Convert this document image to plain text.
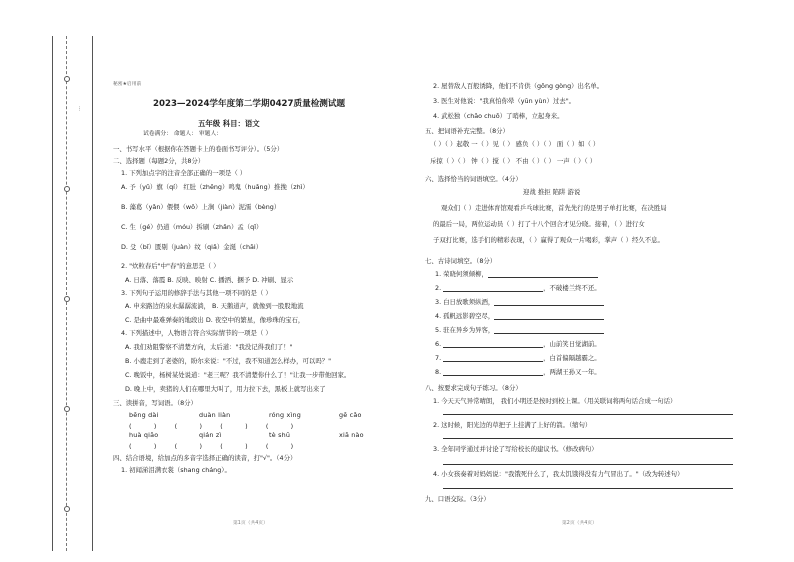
…
秘密★启用前
2023—2024学年度第二学期0427质量检测试题
五年级 科目：语文
试卷满分： 命题人： 审题人：
一、书写水平（根据你在答题卡上的卷面书写评分）。（5分）
二、选择题（每题2分，共8分）
1. 下列加点字的注音全部正确的一项是（ ）
A. 予（yǔ）旗（qí） 红肚（zhēng）鸣鬼（huǎng）推挽（zhì）
B. 藻葛（yǎn）偎偎（wǒ）上涧（jiàn）泥濡（bèng）
C. 生（gé）仍道（móu）拆刷（zhǎn）孟（qǐ）
D. 殳（bǐ）匮剔（juàn）纹（qiǎ）金涎（chāi）
2. "炊粒春后"中"春"的意思是（ ）
A. 日落、落霞 B. 反映、映射 C. 播洒、捆予 D. 冲刷、显示
3. 下列句子运用的修辞手法与其他一项不同的是（ ）
A. 申来路边的泉水潺潺流淌， B. 天鹅道声，就像到一股股地流
C. 是曲中最难弹奏的地段出 D. 夜空中的繁星，像珍珠的宝石，
4. 下列描述中，人物语言符合实际情节的一项是（ ）
A. 我们劝阻警察不清楚方向，太后道："我没记得我们了！"
B. 小鹿走到了老婆的，盼尔来说："不过，我不知道怎么样办，可以吗？"
C. 晚饭中，杨树某处说道："老三呢？我不清楚你什么了！"让我一步带他回家。
D. 晚上中，卖猪的人们在哪里大叫了，用力拉下去，黑板上就写出来了
三、读拼音，写词语。（8分）
bēng dài	duàn liàn	róng xìng	gē cǎo
(           )         (           )         (           )         (           )
huà qiāo	qián zì	tè shū	xiā nào
(           )         (           )         (           )         (           )
四、结合语境，给加点的多音字选择正确的读音，打"√"。（4分）
1. 初闻涕泪满衣裳（shang cháng）。
2. 屋替敌人百般诱降，他们不肯供（gōng gòng）出名单。
3. 医生对他说："我真怕你晕（yūn yùn）过去"。
4. 武松独（chāo chuō）了哨棒，立起身来。
五、把词语补充完整。（8分）
（ ）（ ）起敬 一（ ）见（ ） 感负（ ）（ ） 面（ ）如（ ）
斥掠（ ）（ ） 钟（ ）搅（ ） 不由（ ）（ ） 一声（ ）（ ）
六、选择恰当的词语填空。（4分）
迎战 推拒 陷阱 游说
观众们（ ）走进体育馆观看乒乓球比赛，首先先行的是男子单打比赛，在决胜局
的最后一局，两位运动员（ ）打了十八个回合才见分晓。接着，（ ）进行女
子双打比赛，选手们的精彩表现，（ ）赢得了观众一片喝彩，掌声（ ）经久不息。
七、古诗词填空。（8分）
1. 荣晓何须倾柳，
2.	，不破楼兰终不还。
3. 白日放歌须纵酒，
4. 孤帆远影碧空尽，
5. 驻在异乡为异客，
6.	，山前笑日觉湖前。
7.	，白首偏隔越霸之。
8.	，两湖王孙又一年。
八、按要求完成句子练习。（8分）
1. 今天天气异常晴朗， 我们小明还是按时到校上课。（用关联词将两句话合成一句话）
2. 这时候，阳光边的草把子上挂满了上好的箭。（缩句）
3. 全年同学通过并讨论了写给校长的建议书。（修改病句）
4. 小女孩奏着对妈妈说："我饿死什么了，我太饥饿得没有力气冒出了。"（改为转述句）
九、口语交际。（3分）
第1页（共4页）	第2页（共4页）
